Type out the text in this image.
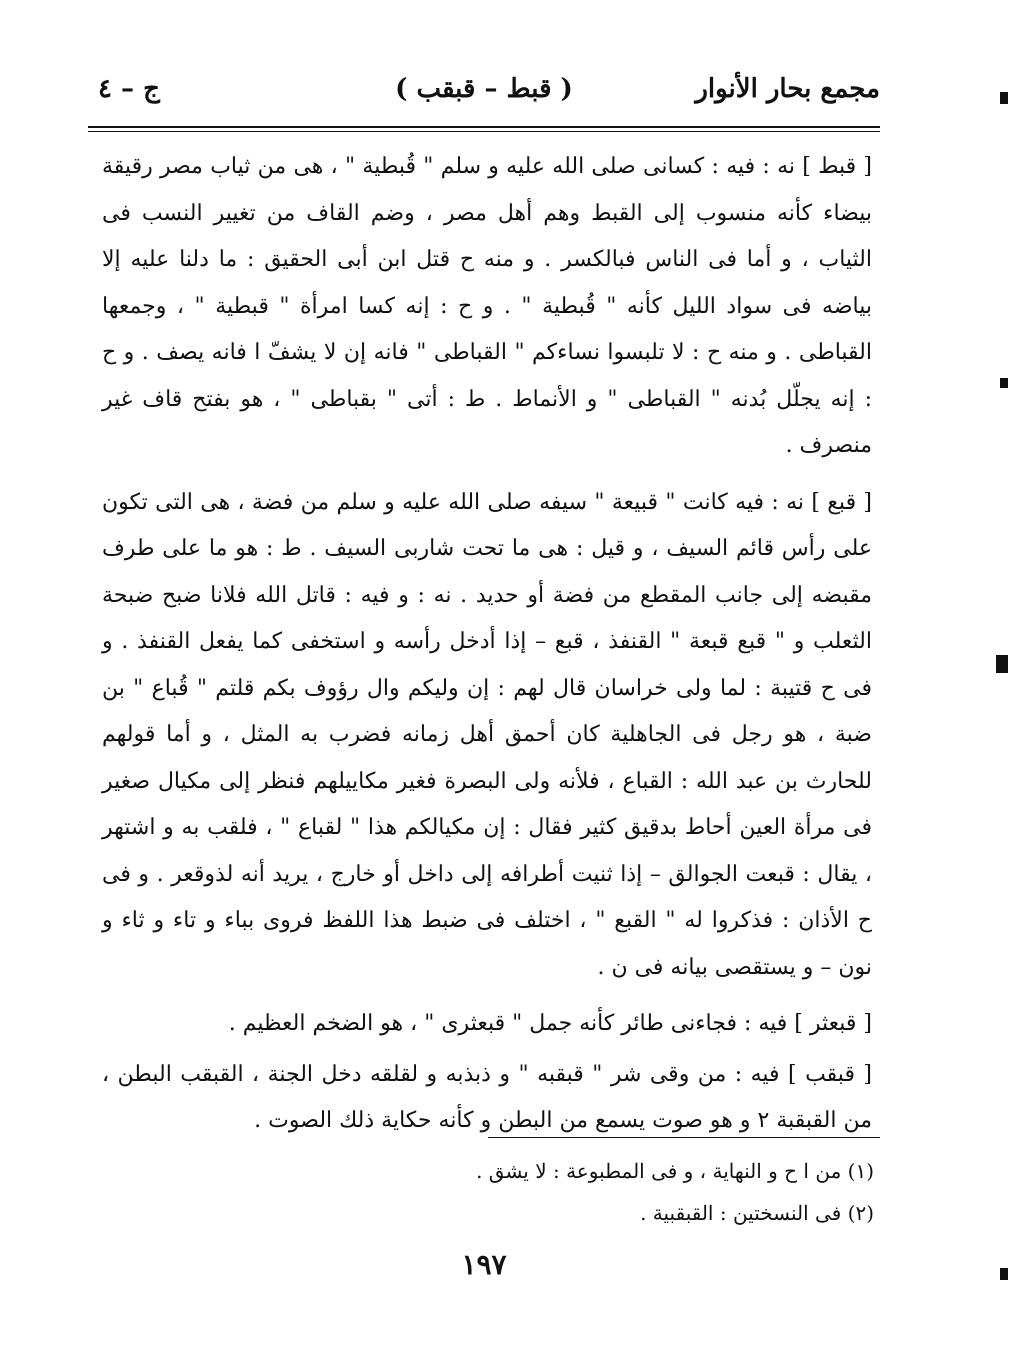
مجمع بحار الأنوار
( قبط – قبقب )
ج – ٤

[ قبط ] نه : فيه : كسانى صلى الله عليه و سلم " قُبطية " ، هى من ثياب مصر رقيقة بيضاء كأنه منسوب إلى القبط وهم أهل مصر ، وضم القاف من تغيير النسب فى الثياب ، و أما فى الناس فبالكسر . و منه ح قتل ابن أبى الحقيق : ما دلنا عليه إلا بياضه فى سواد الليل كأنه " قُبطية " . و ح : إنه كسا امرأة " قبطية " ، وجمعها القباطى . و منه ح : لا تلبسوا نساءكم " القباطى " فانه إن لا يشفّ ا فانه يصف . و ح : إنه يجلّل بُدنه " القباطى " و الأنماط . ط : أتى " بقباطى " ، هو بفتح قاف غير منصرف .

[ قبع ] نه : فيه كانت " قبيعة " سيفه صلى الله عليه و سلم من فضة ، هى التى تكون على رأس قائم السيف ، و قيل : هى ما تحت شاربى السيف . ط : هو ما على طرف مقبضه إلى جانب المقطع من فضة أو حديد . نه : و فيه : قاتل الله فلانا ضبح ضبحة الثعلب و " قبع قبعة " القنفذ ، قبع – إذا أدخل رأسه و استخفى كما يفعل القنفذ . و فى ح قتيبة : لما ولى خراسان قال لهم : إن وليكم وال رؤوف بكم قلتم " قُباع " بن ضبة ، هو رجل فى الجاهلية كان أحمق أهل زمانه فضرب به المثل ، و أما قولهم للحارث بن عبد الله : القباع ، فلأنه ولى البصرة فغير مكاييلهم فنظر إلى مكيال صغير فى مرأة العين أحاط بدقيق كثير فقال : إن مكيالكم هذا " لقباع " ، فلقب به و اشتهر ، يقال : قبعت الجوالق – إذا ثنيت أطرافه إلى داخل أو خارج ، يريد أنه لذوقعر . و فى ح الأذان : فذكروا له " القبع " ، اختلف فى ضبط هذا اللفظ فروى بباء و تاء و ثاء و نون – و يستقصى بيانه فى ن .

[ قبعثر ] فيه : فجاءنى طائر كأنه جمل " قبعثرى " ، هو الضخم العظيم .

[ قبقب ] فيه : من وقى شر " قبقبه " و ذبذبه و لقلقه دخل الجنة ، القبقب البطن ، من القبقبة ٢ و هو صوت يسمع من البطن و كأنه حكاية ذلك الصوت .

(١) من ا ح و النهاية ، و فى المطبوعة : لا يشق .
(٢) فى النسختين : القبقبية .
١٩٧
